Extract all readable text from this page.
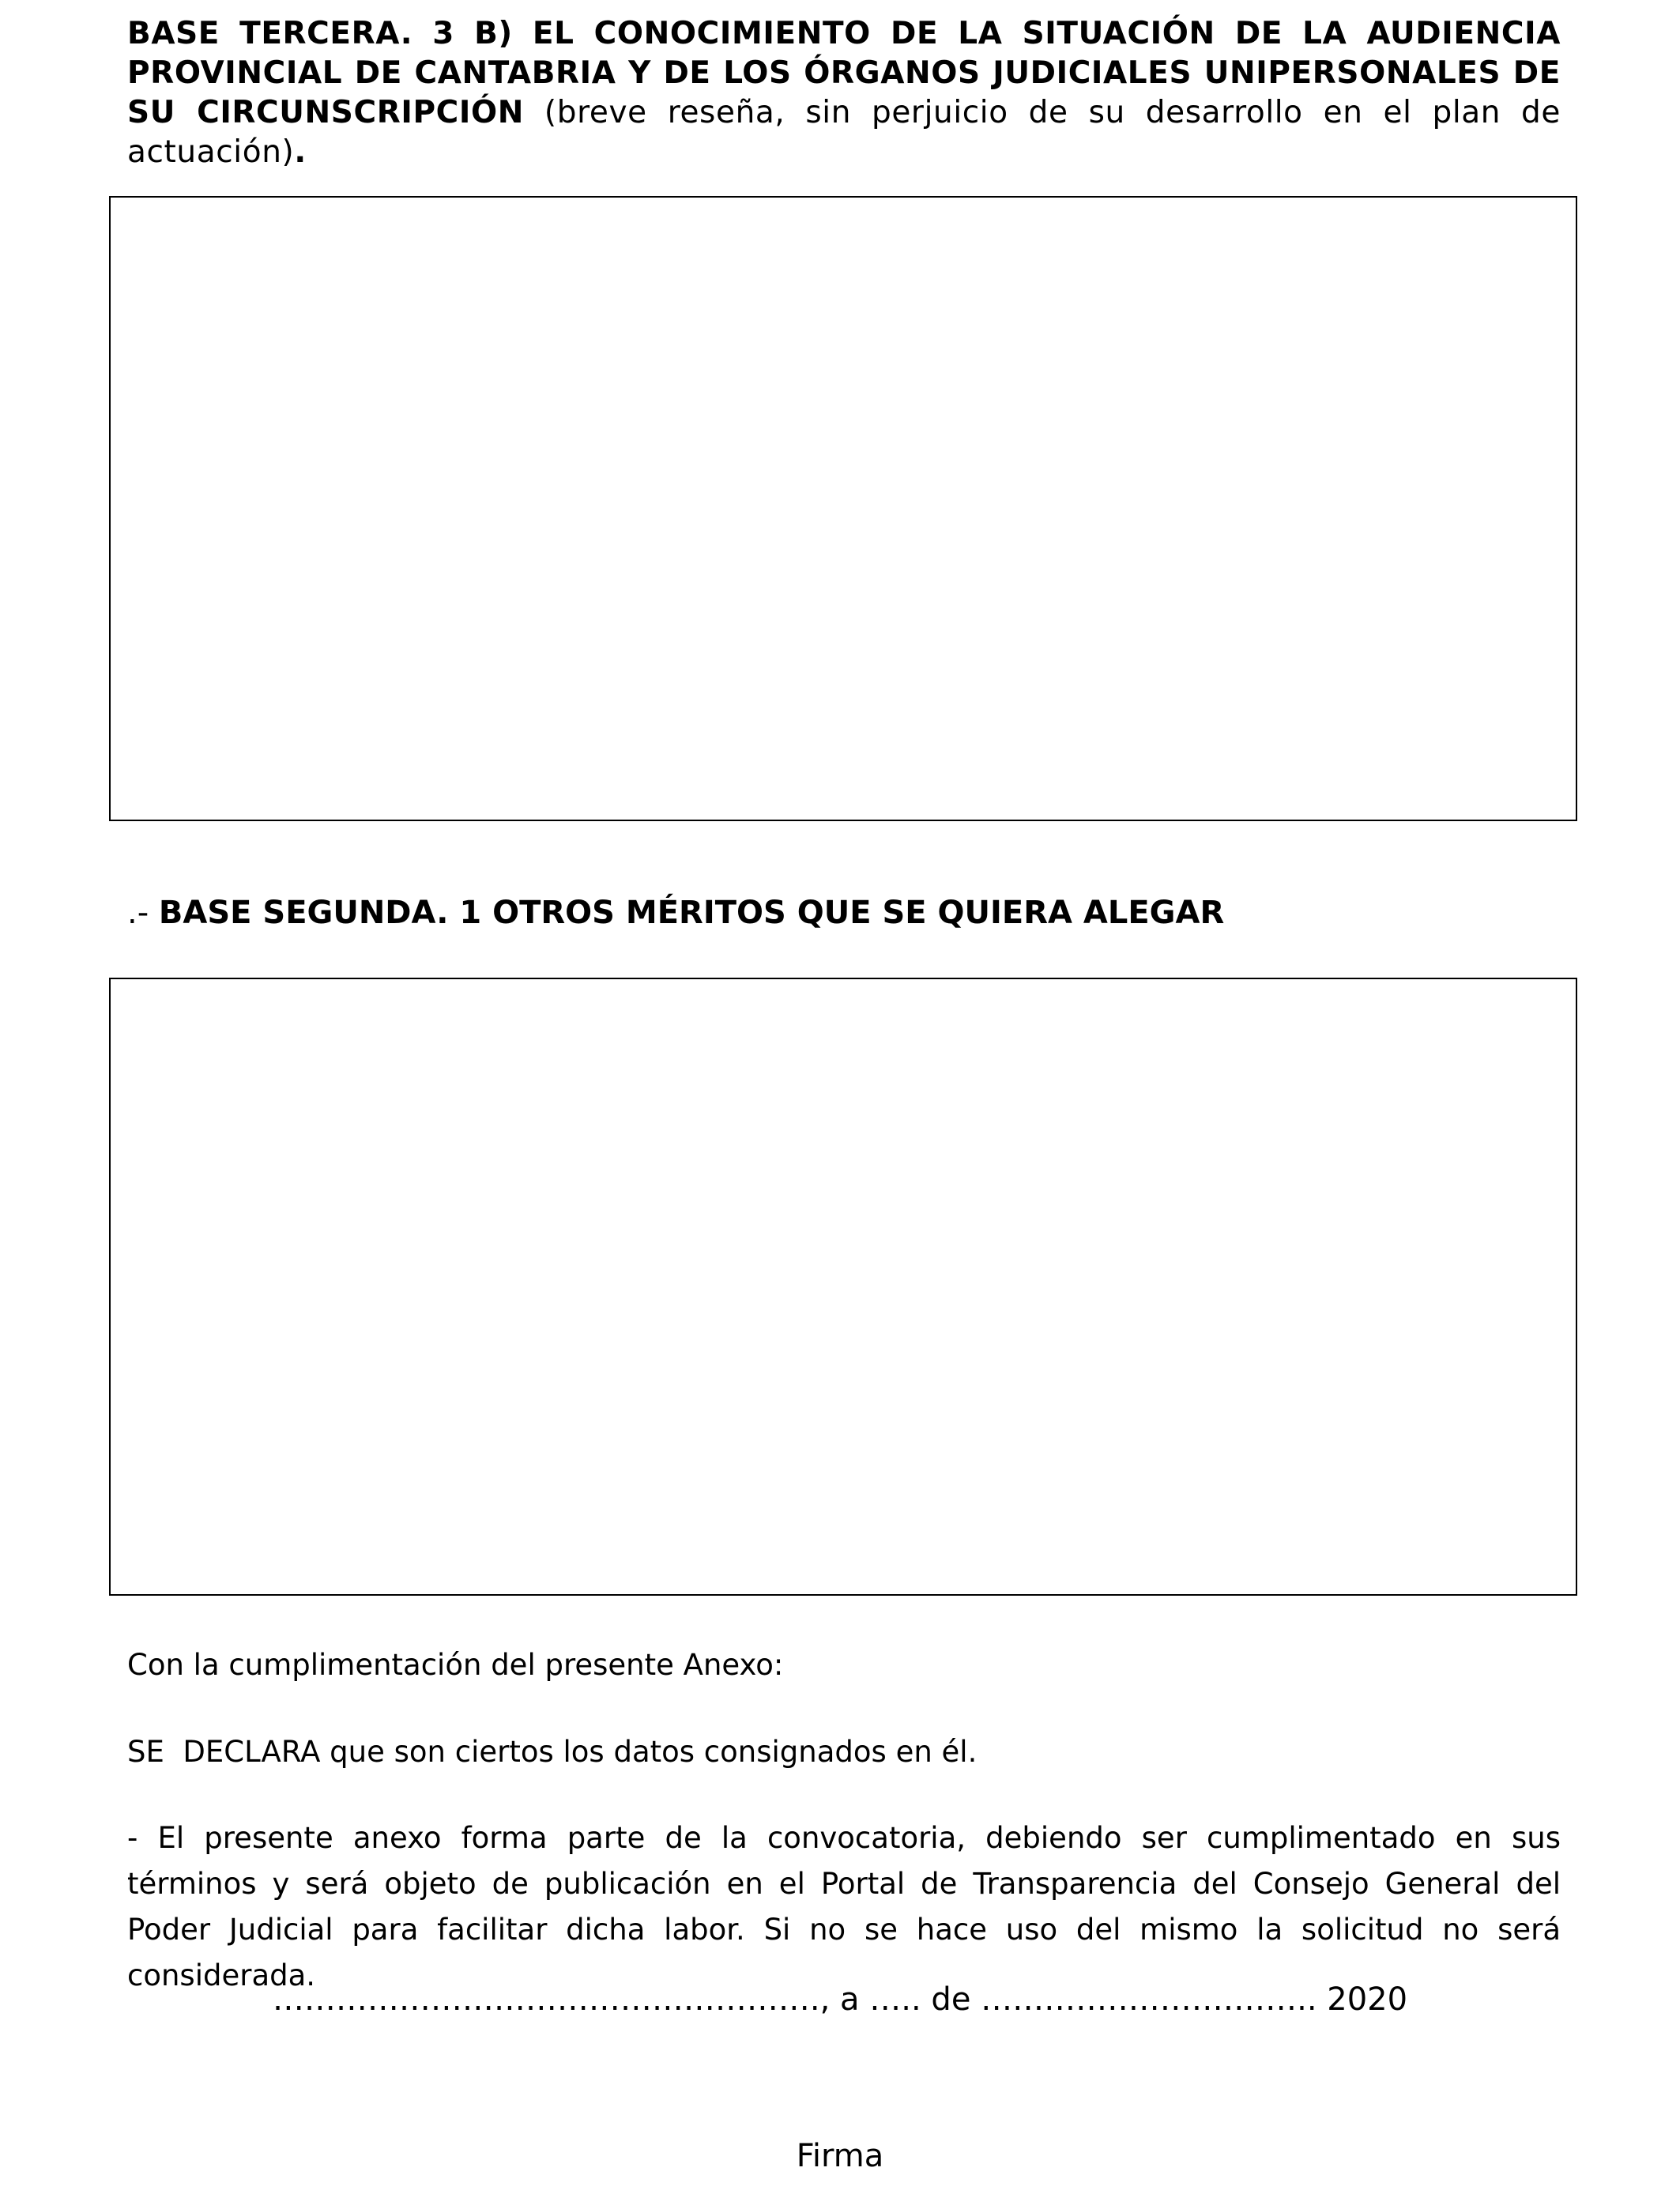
BASE TERCERA. 3 B) EL CONOCIMIENTO DE LA SITUACIÓN DE LA AUDIENCIA PROVINCIAL DE CANTABRIA Y DE LOS ÓRGANOS JUDICIALES UNIPERSONALES DE SU CIRCUNSCRIPCIÓN (breve reseña, sin perjuicio de su desarrollo en el plan de actuación).
.- BASE SEGUNDA. 1 OTROS MÉRITOS QUE SE QUIERA ALEGAR
Con la cumplimentación del presente Anexo:
SE  DECLARA que son ciertos los datos consignados en él.
- El presente anexo forma parte de la convocatoria, debiendo ser cumplimentado en sus términos y será objeto de publicación en el Portal de Transparencia del Consejo General del Poder Judicial para facilitar dicha labor. Si no se hace uso del mismo la solicitud no será considerada.
……………………………………………., a ….. de ………………………….. 2020
Firma
